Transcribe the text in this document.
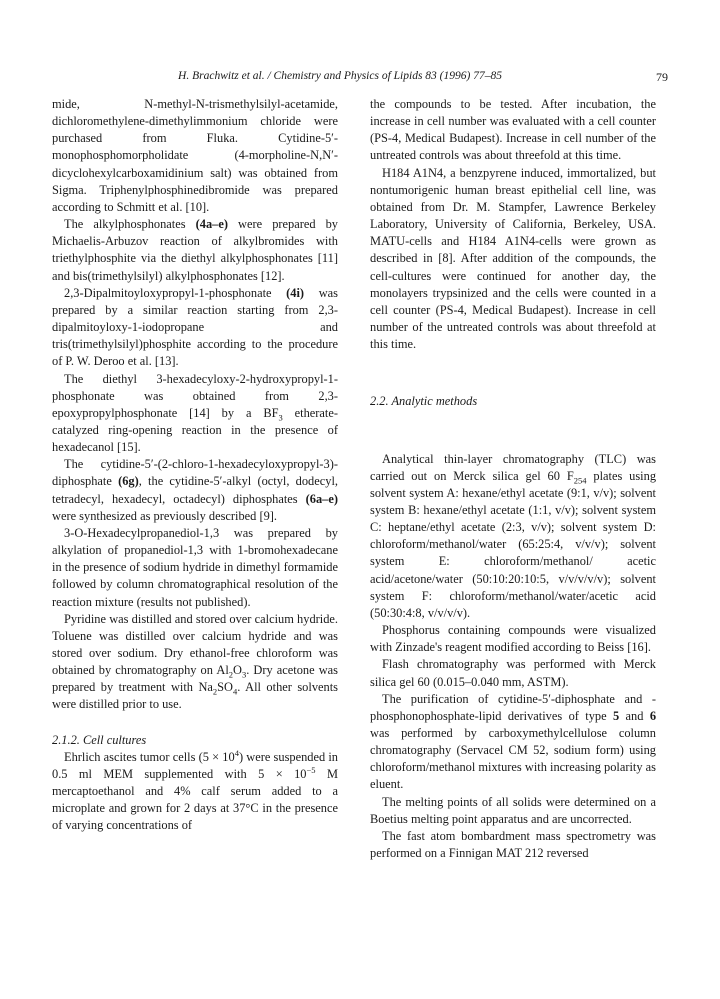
H. Brachwitz et al. / Chemistry and Physics of Lipids 83 (1996) 77–85	79

mide, N-methyl-N-trismethylsilyl-acetamide, dichloromethylene-dimethylimmonium chloride were purchased from Fluka. Cytidine-5′-monophosphomorpholidate (4-morpholine-N,N′-dicyclohexylcarboxamidinium salt) was obtained from Sigma. Triphenylphosphinedibromide was prepared according to Schmitt et al. [10].

The alkylphosphonates (4a–e) were prepared by Michaelis-Arbuzov reaction of alkylbromides with triethylphosphite via the diethyl alkylphosphonates [11] and bis(trimethylsilyl) alkylphosphonates [12].

2,3-Dipalmitoyloxypropyl-1-phosphonate (4i) was prepared by a similar reaction starting from 2,3-dipalmitoyloxy-1-iodopropane and tris(trimethylsilyl)phosphite according to the procedure of P. W. Deroo et al. [13].

The diethyl 3-hexadecyloxy-2-hydroxypropyl-1-phosphonate was obtained from 2,3-epoxypropylphosphonate [14] by a $BF_3$ etherate-catalyzed ring-opening reaction in the presence of hexadecanol [15].

The cytidine-5′-(2-chloro-1-hexadecyloxypropyl-3)-diphosphate (6g), the cytidine-5′-alkyl (octyl, dodecyl, tetradecyl, hexadecyl, octadecyl) diphosphates (6a–e) were synthesized as previously described [9].

3-O-Hexadecylpropanediol-1,3 was prepared by alkylation of propanediol-1,3 with 1-bromohexadecane in the presence of sodium hydride in dimethyl formamide followed by column chromatographical resolution of the reaction mixture (results not published).

Pyridine was distilled and stored over calcium hydride. Toluene was distilled over calcium hydride and was stored over sodium. Dry ethanol-free chloroform was obtained by chromatography on $Al_2O_3$. Dry acetone was prepared by treatment with $Na_2SO_4$. All other solvents were distilled prior to use.

2.1.2. Cell cultures

Ehrlich ascites tumor cells $(5 \times 10^4)$ were suspended in 0.5 ml MEM supplemented with $5 \times 10^{-5}$ M mercaptoethanol and 4% calf serum added to a microplate and grown for 2 days at 37°C in the presence of varying concentrations of

the compounds to be tested. After incubation, the increase in cell number was evaluated with a cell counter (PS-4, Medical Budapest). Increase in cell number of the untreated controls was about threefold at this time.

H184 A1N4, a benzpyrene induced, immortalized, but nontumorigenic human breast epithelial cell line, was obtained from Dr. M. Stampfer, Lawrence Berkeley Laboratory, University of California, Berkeley, USA. MATU-cells and H184 A1N4-cells were grown as described in [8]. After addition of the compounds, the cell-cultures were continued for another day, the monolayers trypsinized and the cells were counted in a cell counter (PS-4, Medical Budapest). Increase in cell number of the untreated controls was about threefold at this time.

2.2. Analytic methods

Analytical thin-layer chromatography (TLC) was carried out on Merck silica gel 60 $F_{254}$ plates using solvent system A: hexane/ethyl acetate (9:1, v/v); solvent system B: hexane/ethyl acetate (1:1, v/v); solvent system C: heptane/ethyl acetate (2:3, v/v); solvent system D: chloroform/methanol/water (65:25:4, v/v/v); solvent system E: chloroform/methanol/ acetic acid/acetone/water (50:10:20:10:5, v/v/v/v/v); solvent system F: chloroform/methanol/water/acetic acid (50:30:4:8, v/v/v/v).

Phosphorus containing compounds were visualized with Zinzade's reagent modified according to Beiss [16].

Flash chromatography was performed with Merck silica gel 60 (0.015–0.040 mm, ASTM).

The purification of cytidine-5′-diphosphate and -phosphonophosphate-lipid derivatives of type 5 and 6 was performed by carboxymethylcellulose column chromatography (Servacel CM 52, sodium form) using chloroform/methanol mixtures with increasing polarity as eluent.

The melting points of all solids were determined on a Boetius melting point apparatus and are uncorrected.

The fast atom bombardment mass spectrometry was performed on a Finnigan MAT 212 reversed
